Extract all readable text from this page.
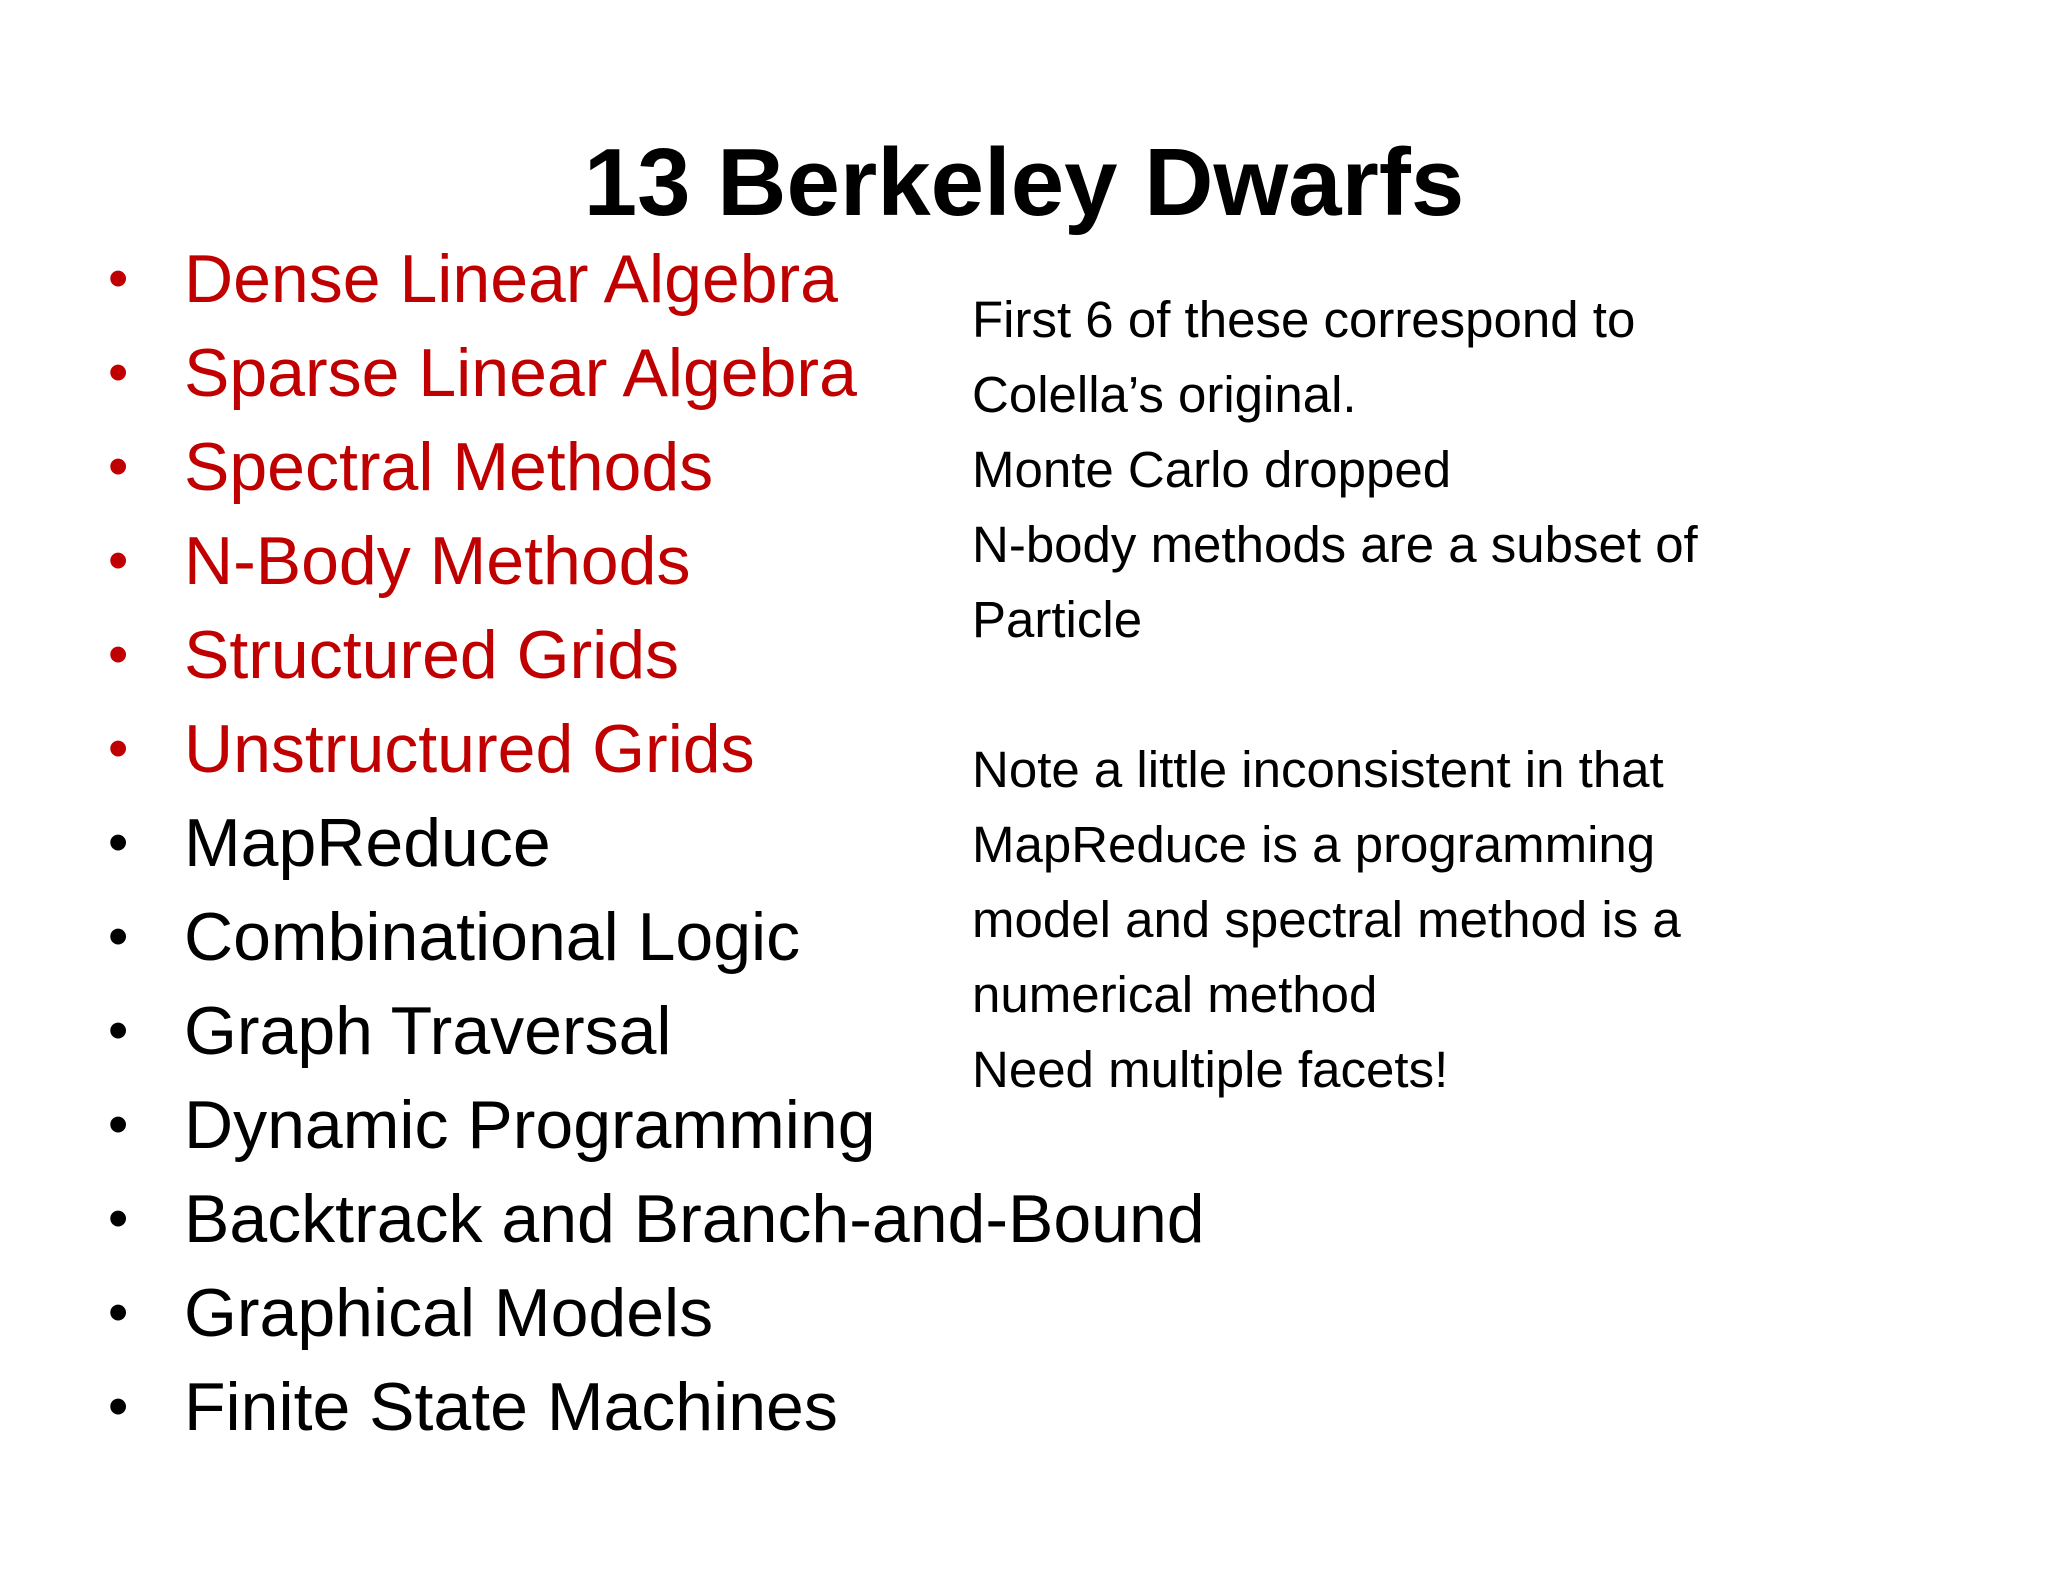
13 Berkeley Dwarfs
• Dense Linear Algebra
• Sparse Linear Algebra
• Spectral Methods
• N-Body Methods
• Structured Grids
• Unstructured Grids
• MapReduce
• Combinational Logic
• Graph Traversal
• Dynamic Programming
• Backtrack and Branch-and-Bound
• Graphical Models
• Finite State Machines
First 6 of these correspond to
Colella’s original.
Monte Carlo dropped
N-body methods are a subset of
Particle
Note a little inconsistent in that
MapReduce is a programming
model and spectral method is a
numerical method
Need multiple facets!
